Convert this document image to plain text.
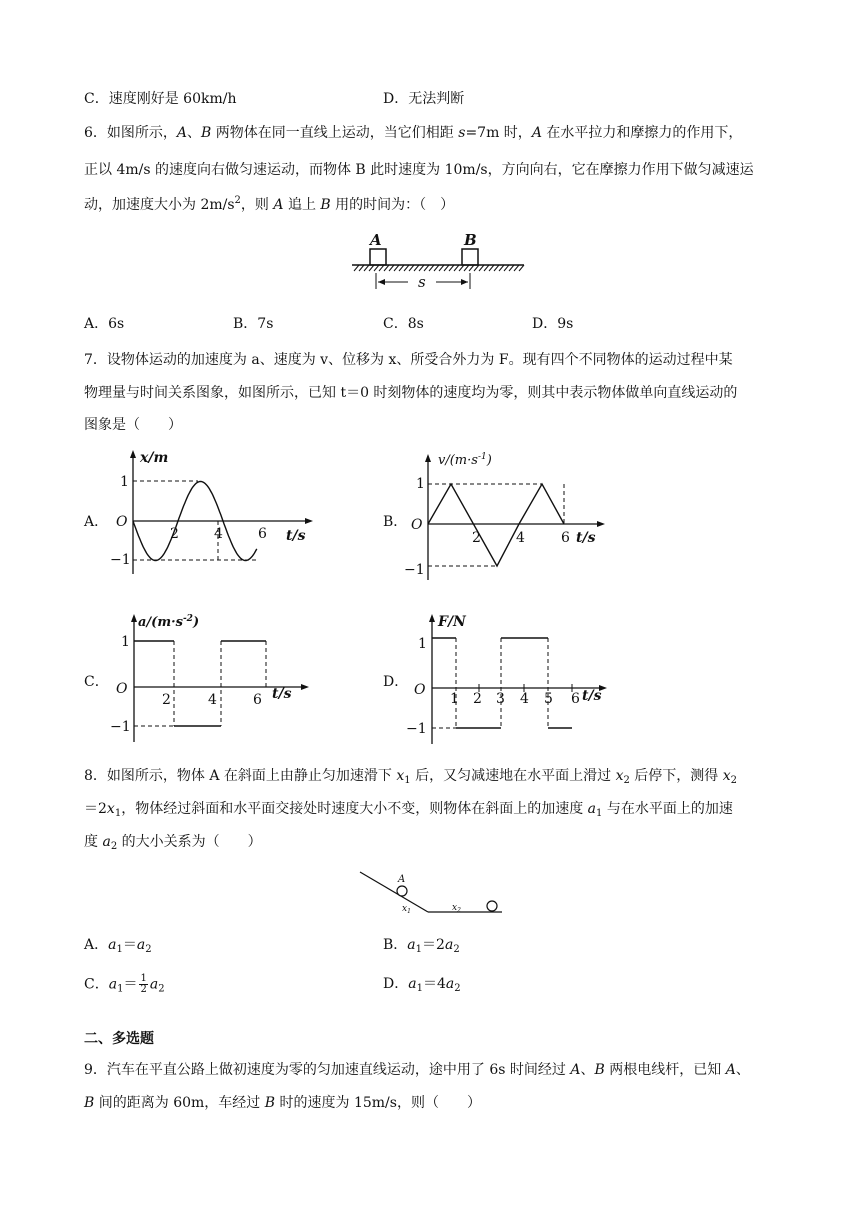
C．速度刚好是 60km/h	D．无法判断
6．如图所示，A、B 两物体在同一直线上运动，当它们相距 s=7m 时，A 在水平拉力和摩擦力的作用下，
正以 4m/s 的速度向右做匀速运动，而物体 B 此时速度为 10m/s，方向向右，它在摩擦力作用下做匀减速运
动，加速度大小为 $2m/s^2$，则 A 追上 B 用的时间为：（　）
A	B
s
A．6s	B．7s	C．8s	D．9s
7．设物体运动的加速度为 a、速度为 v、位移为 x、所受合外力为 F。现有四个不同物体的运动过程中某
物理量与时间关系图象，如图所示，已知 t＝0 时刻物体的速度均为零，则其中表示物体做单向直线运动的
图象是（　　）
A．	B．
C．	D．
x/m
t/s
O
1
−1
2	4	6
$v/(m\cdot s^{-1})$
t/s
O
1
−1
2	4	6
$a/(m\cdot s^{-2})$
t/s
O
1
−1
2	4	6
F/N
t/s
O
1
−1
1 2 3 4 5 6
8．如图所示，物体 A 在斜面上由静止匀加速滑下 $x_1$ 后，又匀减速地在水平面上滑过 $x_2$ 后停下，测得 $x_2$
$=2x_1$，物体经过斜面和水平面交接处时速度大小不变，则物体在斜面上的加速度 $a_1$ 与在水平面上的加速
度 $a_2$ 的大小关系为（　　）
A
$x_1$	$x_2$
A．$a_1=a_2$	B．$a_1=2a_2$
C．$a_1= \frac{1}{2} a_2$	D．$a_1=4a_2$
二、多选题
9．汽车在平直公路上做初速度为零的匀加速直线运动，途中用了 6s 时间经过 A、B 两根电线杆，已知 A、
B 间的距离为 60m，车经过 B 时的速度为 15m/s，则（　　）
